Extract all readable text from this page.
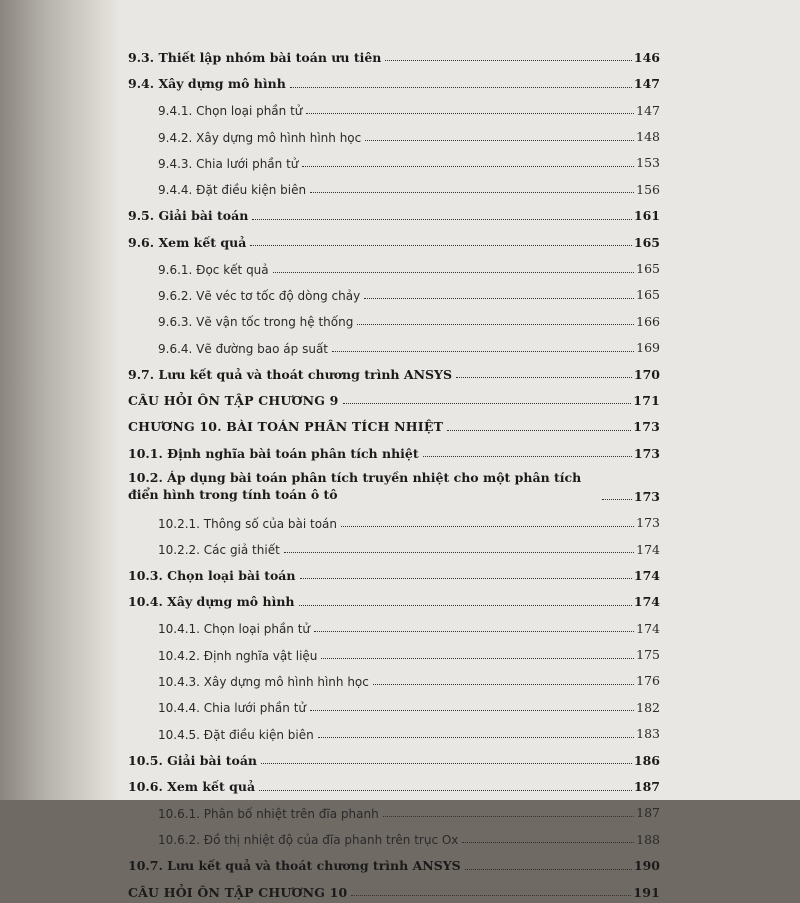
9.3. Thiết lập nhóm bài toán ưu tiên	146
9.4. Xây dựng mô hình	147
9.4.1. Chọn loại phần tử	147
9.4.2. Xây dựng mô hình hình học	148
9.4.3. Chia lưới phần tử	153
9.4.4. Đặt điều kiện biên	156
9.5. Giải bài toán	161
9.6. Xem kết quả	165
9.6.1. Đọc kết quả	165
9.6.2. Vẽ véc tơ tốc độ dòng chảy	165
9.6.3. Vẽ vận tốc trong hệ thống	166
9.6.4. Vẽ đường bao áp suất	169
9.7. Lưu kết quả và thoát chương trình ANSYS	170
CÂU HỎI ÔN TẬP CHƯƠNG 9	171
CHƯƠNG 10. BÀI TOÁN PHÂN TÍCH NHIỆT	173
10.1. Định nghĩa bài toán phân tích nhiệt	173
10.2. Áp dụng bài toán phân tích truyền nhiệt cho một phân tích điển hình trong tính toán ô tô	173
10.2.1. Thông số của bài toán	173
10.2.2. Các giả thiết	174
10.3. Chọn loại bài toán	174
10.4. Xây dựng mô hình	174
10.4.1. Chọn loại phần tử	174
10.4.2. Định nghĩa vật liệu	175
10.4.3. Xây dựng mô hình hình học	176
10.4.4. Chia lưới phần tử	182
10.4.5. Đặt điều kiện biên	183
10.5. Giải bài toán	186
10.6. Xem kết quả	187
10.6.1. Phân bố nhiệt trên đĩa phanh	187
10.6.2. Đồ thị nhiệt độ của đĩa phanh trên trục Ox	188
10.7. Lưu kết quả và thoát chương trình ANSYS	190
CÂU HỎI ÔN TẬP CHƯƠNG 10	191
